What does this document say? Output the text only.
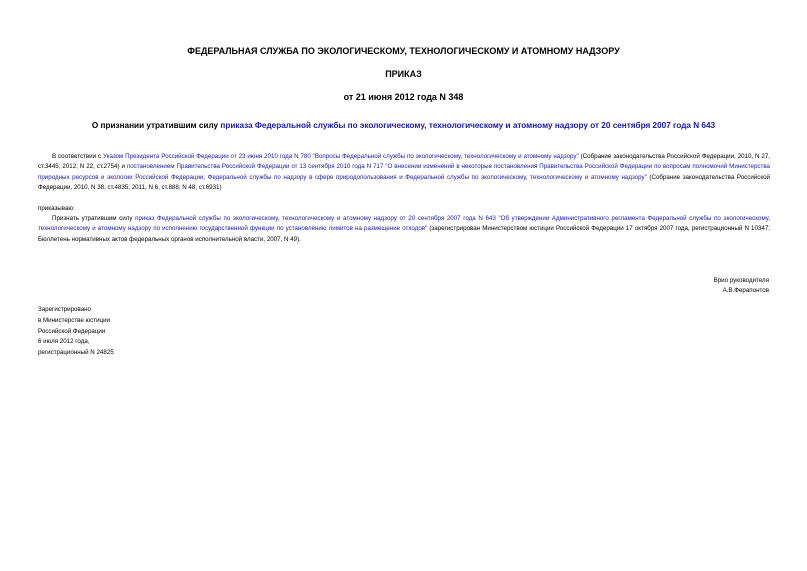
ФЕДЕРАЛЬНАЯ СЛУЖБА ПО ЭКОЛОГИЧЕСКОМУ, ТЕХНОЛОГИЧЕСКОМУ И АТОМНОМУ НАДЗОРУ
ПРИКАЗ
от 21 июня 2012 года N 348
О признании утратившим силу приказа Федеральной службы по экологическому, технологическому и атомному надзору от 20 сентября 2007 года N 643
В соответствии с Указом Президента Российской Федерации от 23 июня 2010 года N 780 "Вопросы Федеральной службы по экологическому, технологическому и атомному надзору" (Собрание законодательства Российской Федерации, 2010, N 27, ст.3445; 2012, N 22, ст.2754) и постановлением Правительства Российской Федерации от 13 сентября 2010 года N 717 "О внесении изменений в некоторые постановления Правительства Российской Федерации по вопросам полномочий Министерства природных ресурсов и экологии Российской Федерации, Федеральной службы по надзору в сфере природопользования и Федеральной службы по экологическому, технологическому и атомному надзору" (Собрание законодательства Российской Федерации, 2010, N 38, ст.4835; 2011, N 6, ст.888; N 48, ст.6931)
приказываю:
Признать утратившим силу приказ Федеральной службы по экологическому, технологическому и атомному надзору от 20 сентября 2007 года N 643 "Об утверждении Административного регламента Федеральной службы по экологическому, технологическому и атомному надзору по исполнению государственной функции по установлению лимитов на размещение отходов" (зарегистрирован Министерством юстиции Российской Федерации 17 октября 2007 года, регистрационный N 10347; Бюллетень нормативных актов федеральных органов исполнительной власти, 2007, N 49).
Врио руководителя
А.В.Ферапонтов
Зарегистрировано
в Министерстве юстиции
Российской Федерации
6 июля 2012 года,
регистрационный N 24825
